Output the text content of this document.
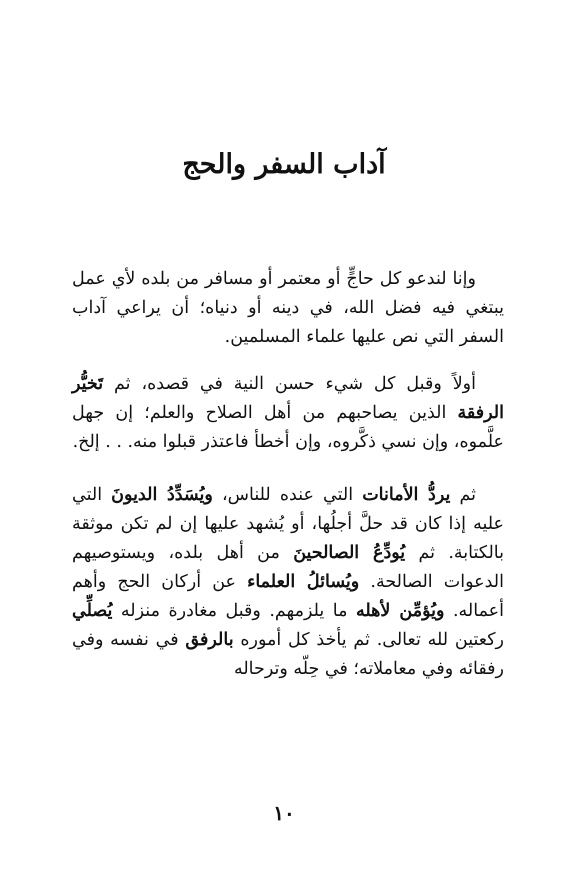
آداب السفر والحج

وإنا لندعو كل حاجٍّ أو معتمر أو مسافر من بلده لأي عمل يبتغي فيه فضل الله، في دينه أو دنياه؛ أن يراعي آداب السفر التي نص عليها علماء المسلمين.

أولاً وقبل كل شيء حسن النية في قصده، ثم تَخيُّر الرفقة الذين يصاحبهم من أهل الصلاح والعلم؛ إن جهل علَّموه، وإن نسي ذكَّروه، وإن أخطأ فاعتذر قبلوا منه. . . إلخ.

ثم يردُّ الأمانات التي عنده للناس، ويُسَدِّدُ الديونَ التي عليه إذا كان قد حلَّ أجلُها، أو يُشهد عليها إن لم تكن موثقة بالكتابة. ثم يُودِّعُ الصالحينَ من أهل بلده، ويستوصيهم الدعوات الصالحة. ويُسائلُ العلماء عن أركان الحج وأهم أعماله. ويُؤمِّن لأهله ما يلزمهم. وقبل مغادرة منزله يُصلِّي ركعتين لله تعالى. ثم يأخذ كل أموره بالرفق في نفسه وفي رفقائه وفي معاملاته؛ في حِلّه وترحاله

١٠
